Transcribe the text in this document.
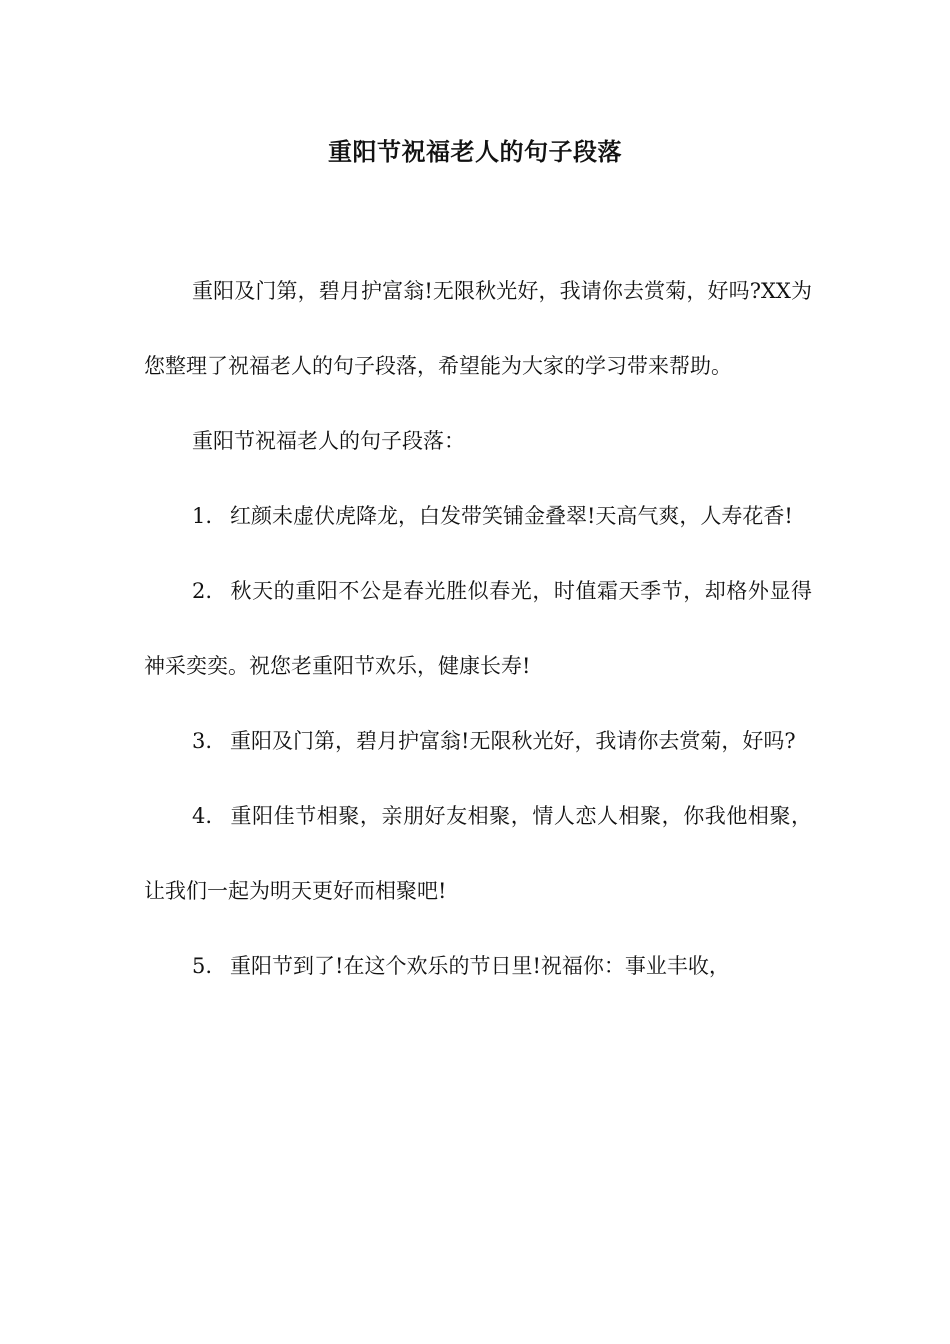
重阳节祝福老人的句子段落

重阳及门第，碧月护富翁!无限秋光好，我请你去赏菊，好吗?XX为您整理了祝福老人的句子段落，希望能为大家的学习带来帮助。

重阳节祝福老人的句子段落：

1. 红颜未虚伏虎降龙，白发带笑铺金叠翠!天高气爽，人寿花香!

2. 秋天的重阳不公是春光胜似春光，时值霜天季节，却格外显得神采奕奕。祝您老重阳节欢乐，健康长寿!

3. 重阳及门第，碧月护富翁!无限秋光好，我请你去赏菊，好吗?

4. 重阳佳节相聚，亲朋好友相聚，情人恋人相聚，你我他相聚，让我们一起为明天更好而相聚吧!

5. 重阳节到了!在这个欢乐的节日里!祝福你：事业丰收，
